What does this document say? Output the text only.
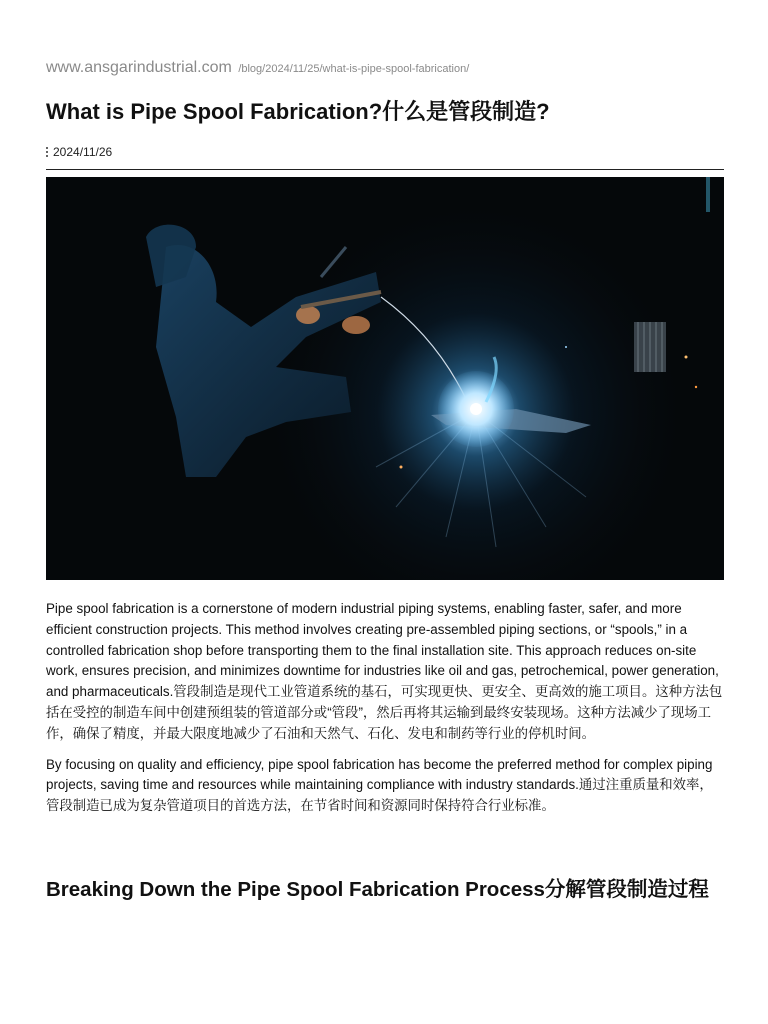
www.ansgarindustrial.com /blog/2024/11/25/what-is-pipe-spool-fabrication/
What is Pipe Spool Fabrication?什么是管段制造?
2024/11/26

Pipe spool fabrication is a cornerstone of modern industrial piping systems, enabling faster, safer, and more efficient construction projects. This method involves creating pre-assembled piping sections, or “spools,” in a controlled fabrication shop before transporting them to the final installation site. This approach reduces on-site work, ensures precision, and minimizes downtime for industries like oil and gas, petrochemical, power generation, and pharmaceuticals.管段制造是现代工业管道系统的基石，可实现更快、更安全、更高效的施工项目。这种方法包括在受控的制造车间中创建预组装的管道部分或“管段”，然后再将其运输到最终安装现场。这种方法减少了现场工作，确保了精度，并最大限度地减少了石油和天然气、石化、发电和制药等行业的停机时间。

By focusing on quality and efficiency, pipe spool fabrication has become the preferred method for complex piping projects, saving time and resources while maintaining compliance with industry standards.通过注重质量和效率，管段制造已成为复杂管道项目的首选方法，在节省时间和资源同时保持符合行业标准。

Breaking Down the Pipe Spool Fabrication Process分解管段制造过程
